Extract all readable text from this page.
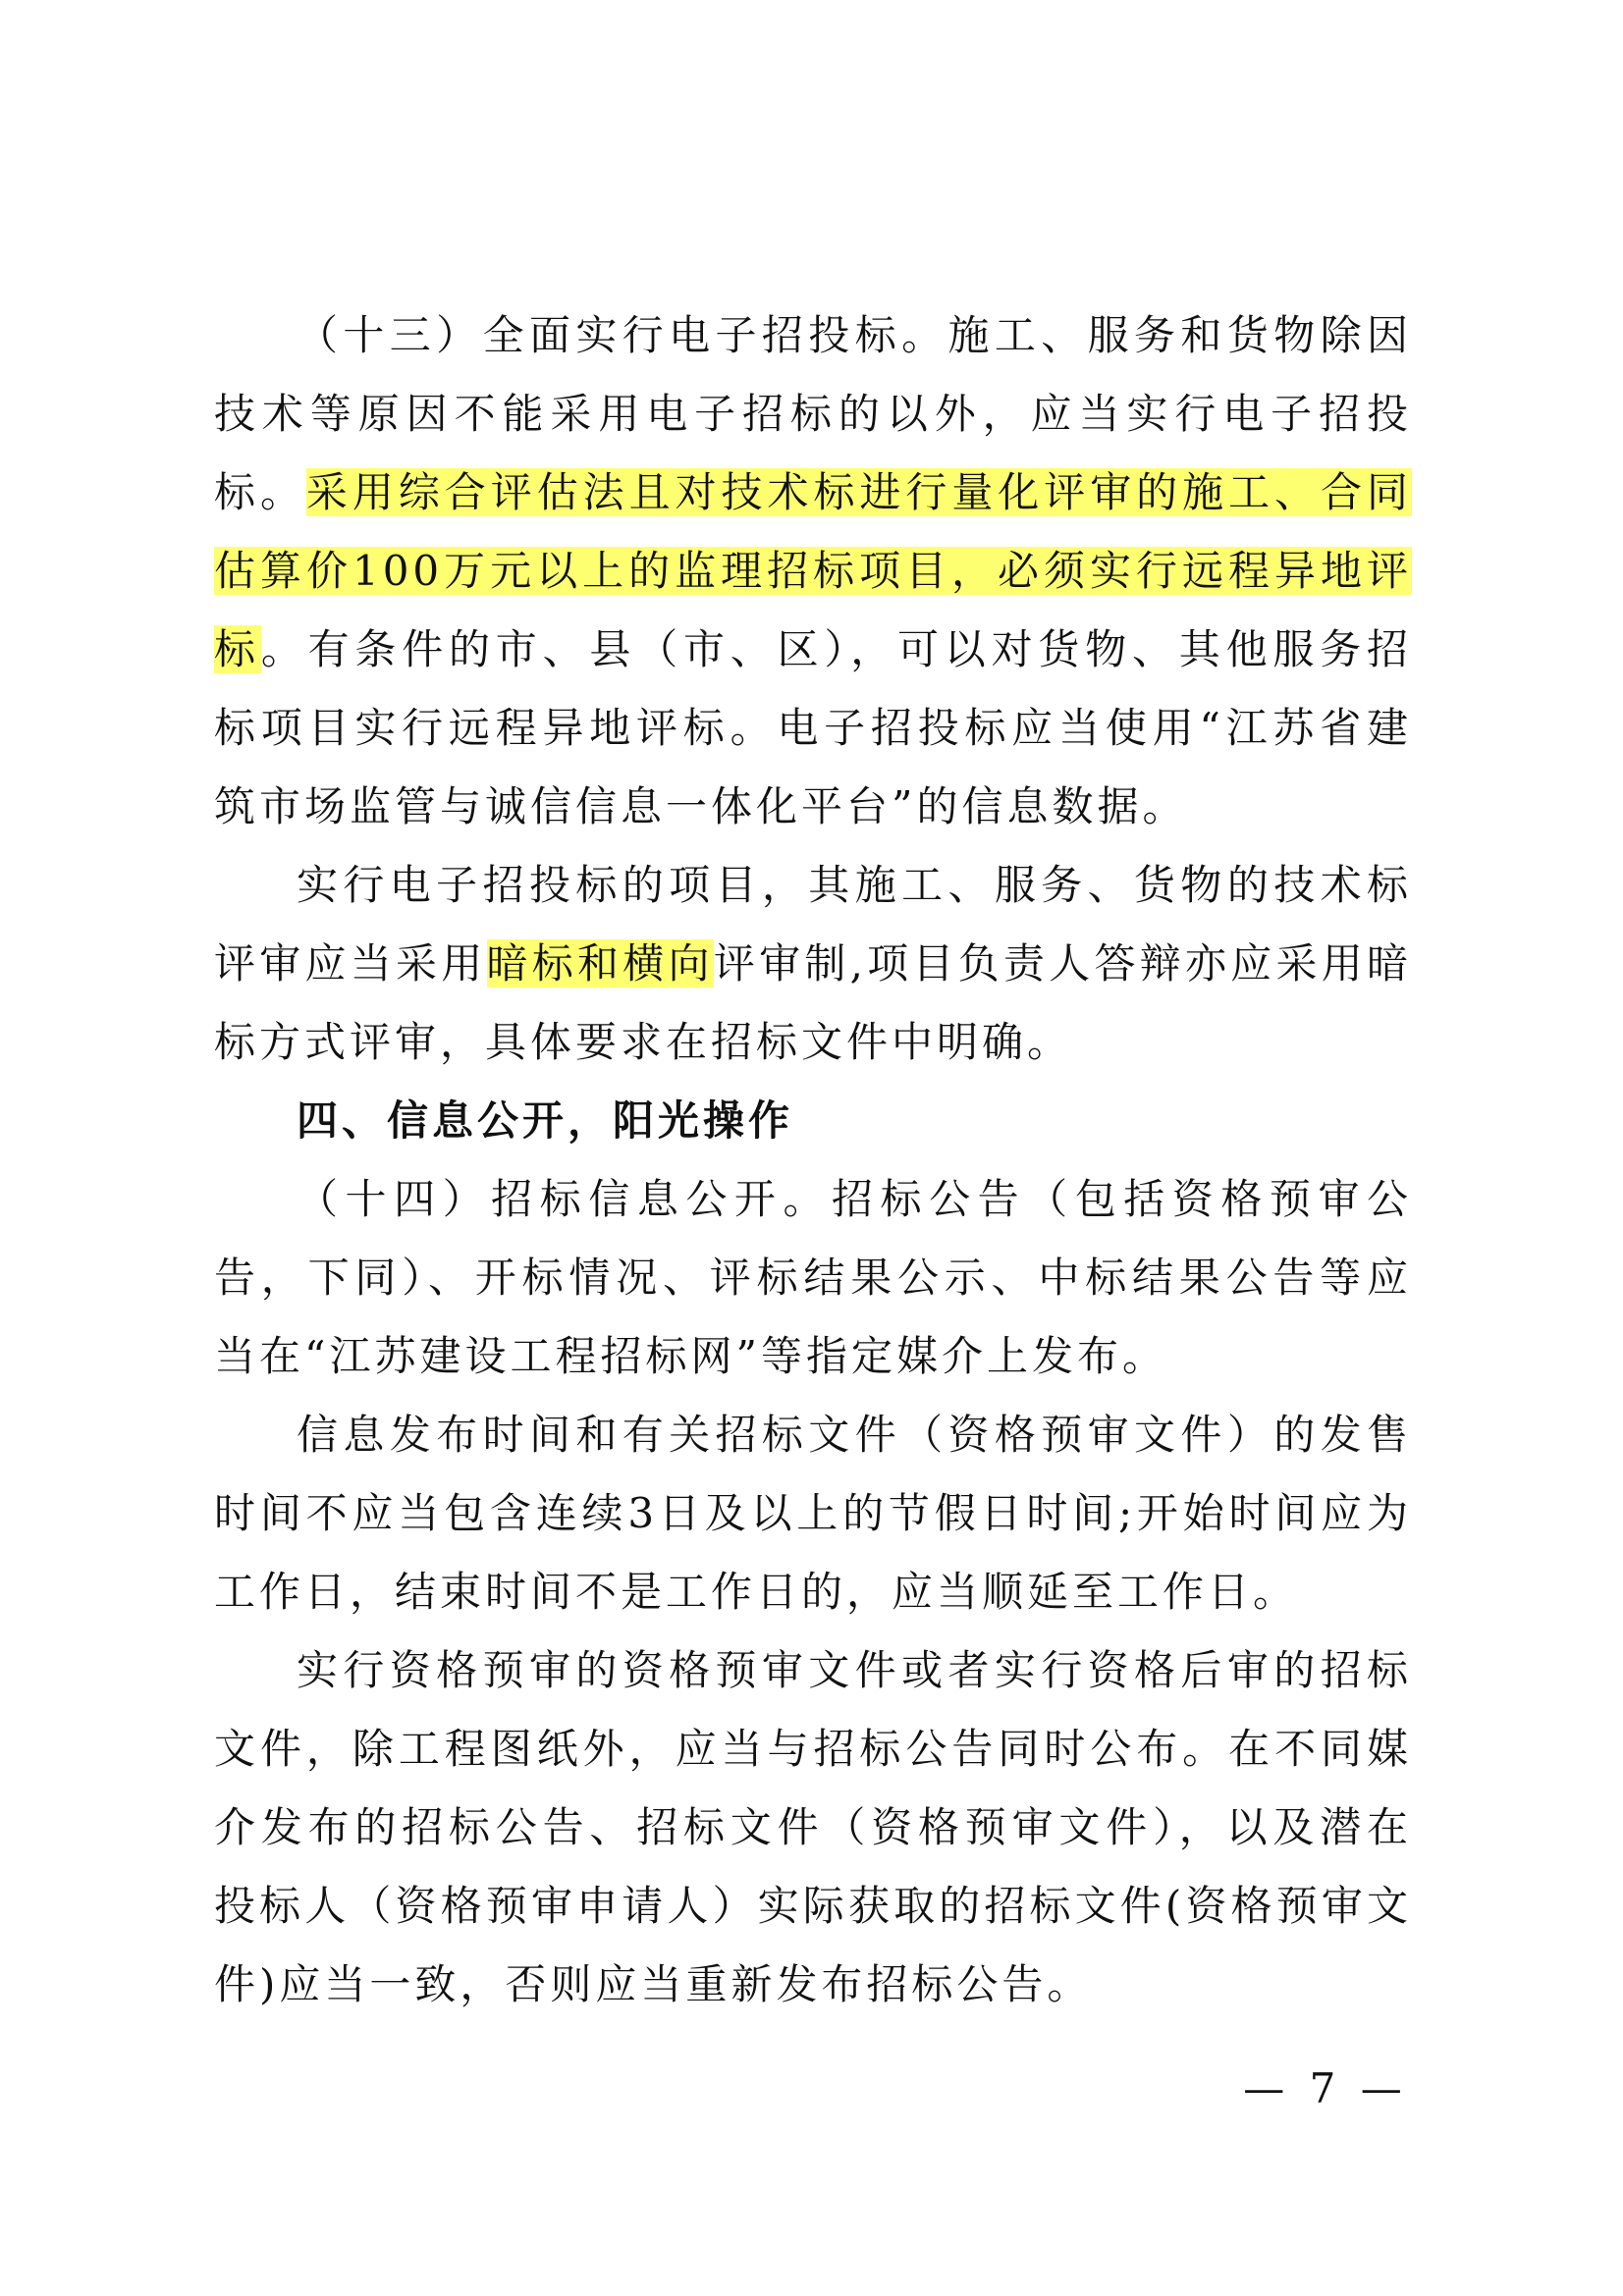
（十三）全面实行电子招投标。施工、服务和货物除因技术等原因不能采用电子招标的以外，应当实行电子招投标。采用综合评估法且对技术标进行量化评审的施工、合同估算价100万元以上的监理招标项目，必须实行远程异地评标。有条件的市、县（市、区），可以对货物、其他服务招标项目实行远程异地评标。电子招投标应当使用“江苏省建筑市场监管与诚信信息一体化平台”的信息数据。

实行电子招投标的项目，其施工、服务、货物的技术标评审应当采用暗标和横向评审制,项目负责人答辩亦应采用暗标方式评审，具体要求在招标文件中明确。

四、信息公开，阳光操作

（十四）招标信息公开。招标公告（包括资格预审公告，下同）、开标情况、评标结果公示、中标结果公告等应当在“江苏建设工程招标网”等指定媒介上发布。

信息发布时间和有关招标文件（资格预审文件）的发售时间不应当包含连续3日及以上的节假日时间;开始时间应为工作日，结束时间不是工作日的，应当顺延至工作日。

实行资格预审的资格预审文件或者实行资格后审的招标文件，除工程图纸外，应当与招标公告同时公布。在不同媒介发布的招标公告、招标文件（资格预审文件），以及潜在投标人（资格预审申请人）实际获取的招标文件(资格预审文件)应当一致，否则应当重新发布招标公告。

— 7 —
